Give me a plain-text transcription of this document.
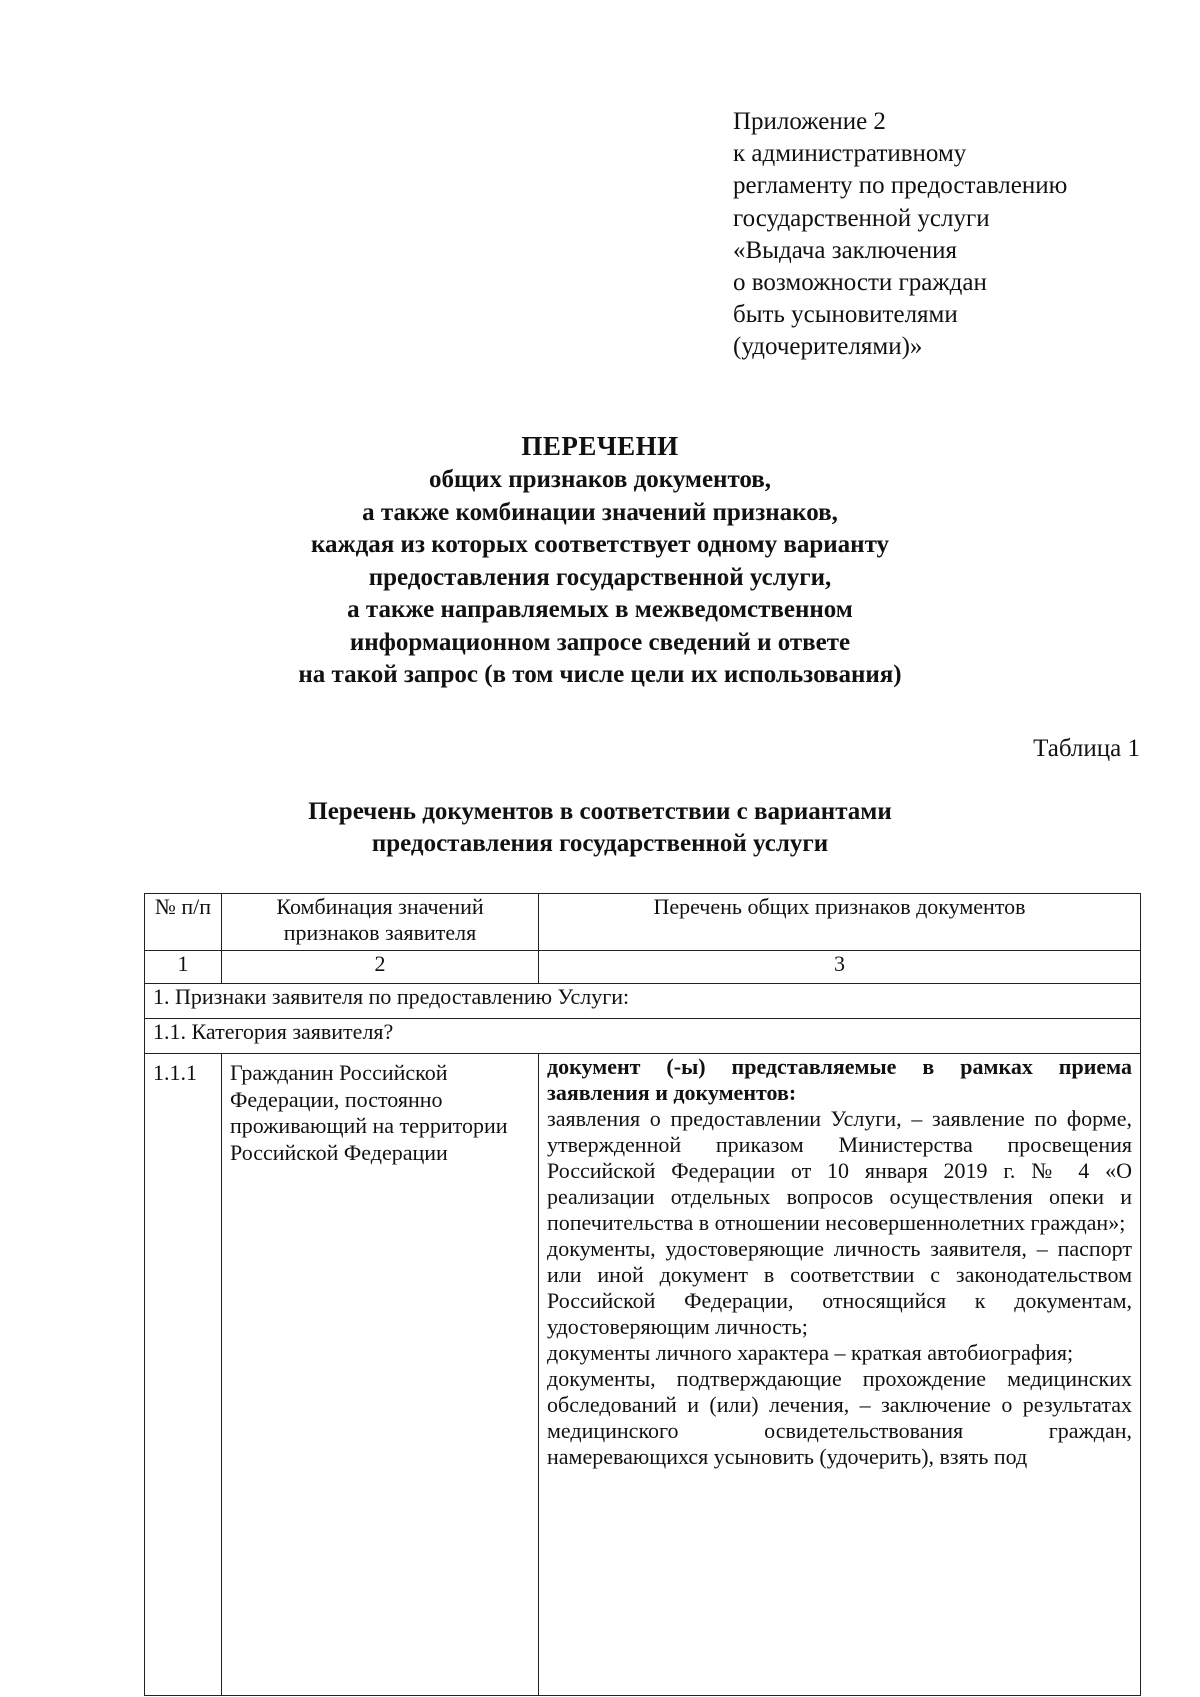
Приложение 2
к административному
регламенту по предоставлению
государственной услуги
«Выдача заключения
о возможности граждан
быть усыновителями
(удочерителями)»
ПЕРЕЧЕНИ
общих признаков документов,
а также комбинации значений признаков,
каждая из которых соответствует одному варианту
предоставления государственной услуги,
а также направляемых в межведомственном
информационном запросе сведений и ответе
на такой запрос (в том числе цели их использования)
Таблица 1
Перечень документов в соответствии с вариантами
предоставления государственной услуги
№ п/п	Комбинация значений признаков заявителя	Перечень общих признаков документов
1	2	3
1. Признаки заявителя по предоставлению Услуги:		
1.1. Категория заявителя?		
1.1.1	Гражданин Российской Федерации, постоянно проживающий на территории Российской Федерации	документ (-ы) представляемые в рамках приема заявления и документов:

заявления о предоставлении Услуги, – заявление по форме, утвержденной приказом Министерства просвещения Российской Федерации от 10 января 2019 г. № 4 «О реализации отдельных вопросов осуществления опеки и попечительства в отношении несовершеннолетних граждан»;

документы, удостоверяющие личность заявителя, – паспорт или иной документ в соответствии с законодательством Российской Федерации, относящийся к документам, удостоверяющим личность;

документы личного характера – краткая автобиография;

документы, подтверждающие прохождение медицинских обследований и (или) лечения, – заключение о результатах медицинского освидетельствования граждан, намеревающихся усыновить (удочерить), взять под
